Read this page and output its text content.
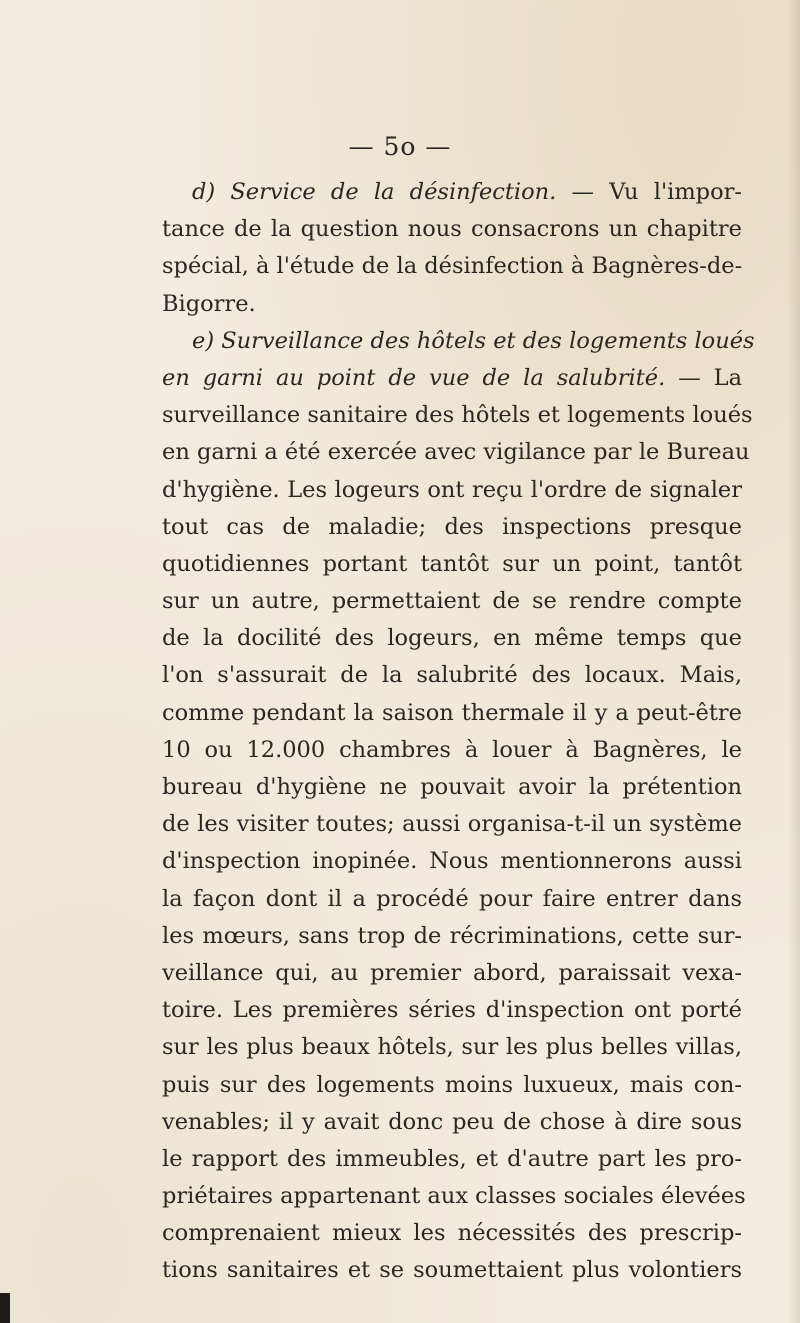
— 5o —
d) Service de la désinfection. — Vu l'impor-
tance de la question nous consacrons un chapitre
spécial, à l'étude de la désinfection à Bagnères-de-
Bigorre.
e) Surveillance des hôtels et des logements loués
en garni au point de vue de la salubrité. — La
surveillance sanitaire des hôtels et logements loués
en garni a été exercée avec vigilance par le Bureau
d'hygiène. Les logeurs ont reçu l'ordre de signaler
tout cas de maladie; des inspections presque
quotidiennes portant tantôt sur un point, tantôt
sur un autre, permettaient de se rendre compte
de la docilité des logeurs, en même temps que
l'on s'assurait de la salubrité des locaux. Mais,
comme pendant la saison thermale il y a peut-être
10 ou 12.000 chambres à louer à Bagnères, le
bureau d'hygiène ne pouvait avoir la prétention
de les visiter toutes; aussi organisa-t-il un système
d'inspection inopinée. Nous mentionnerons aussi
la façon dont il a procédé pour faire entrer dans
les mœurs, sans trop de récriminations, cette sur-
veillance qui, au premier abord, paraissait vexa-
toire. Les premières séries d'inspection ont porté
sur les plus beaux hôtels, sur les plus belles villas,
puis sur des logements moins luxueux, mais con-
venables; il y avait donc peu de chose à dire sous
le rapport des immeubles, et d'autre part les pro-
priétaires appartenant aux classes sociales élevées
comprenaient mieux les nécessités des prescrip-
tions sanitaires et se soumettaient plus volontiers
